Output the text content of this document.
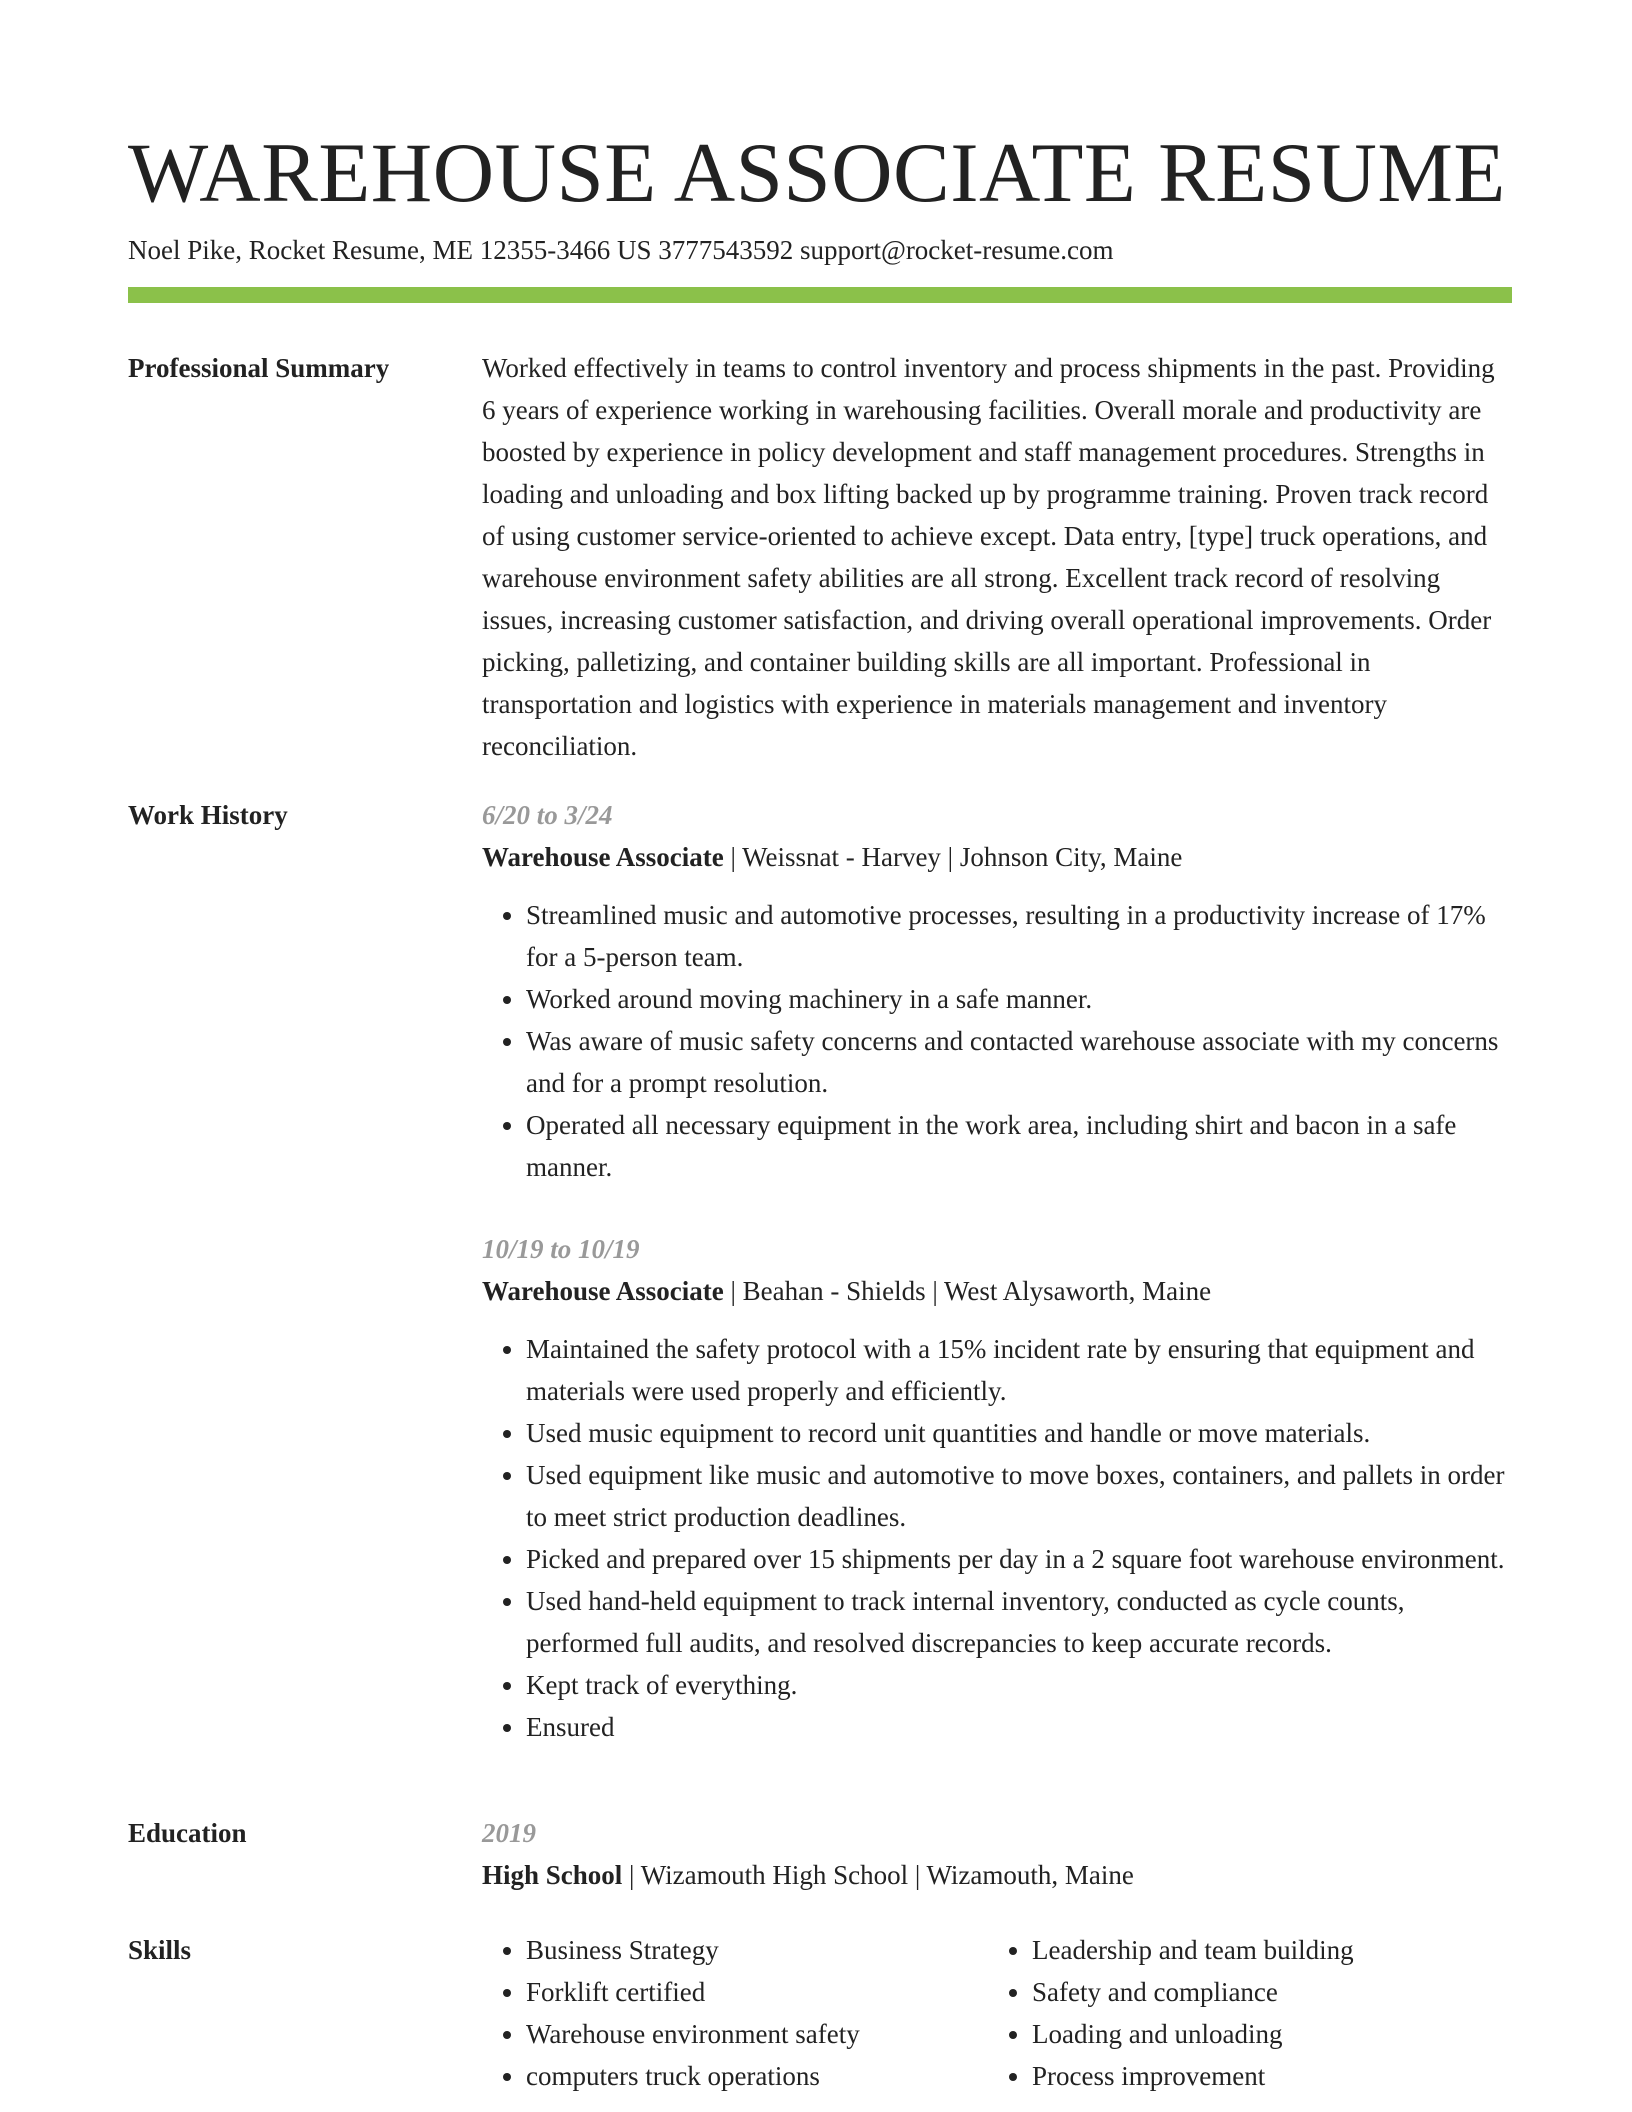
WAREHOUSE ASSOCIATE RESUME
Noel Pike, Rocket Resume, ME 12355-3466 US 3777543592 support@rocket-resume.com
Professional Summary	Worked effectively in teams to control inventory and process shipments in the past. Providing 6 years of experience working in warehousing facilities. Overall morale and productivity are boosted by experience in policy development and staff management procedures. Strengths in loading and unloading and box lifting backed up by programme training. Proven track record of using customer service-oriented to achieve except. Data entry, [type] truck operations, and warehouse environment safety abilities are all strong. Excellent track record of resolving issues, increasing customer satisfaction, and driving overall operational improvements. Order picking, palletizing, and container building skills are all important. Professional in transportation and logistics with experience in materials management and inventory reconciliation.

Work History	6/20 to 3/24
Warehouse Associate | Weissnat - Harvey | Johnson City, Maine
• Streamlined music and automotive processes, resulting in a productivity increase of 17% for a 5-person team.
• Worked around moving machinery in a safe manner.
• Was aware of music safety concerns and contacted warehouse associate with my concerns and for a prompt resolution.
• Operated all necessary equipment in the work area, including shirt and bacon in a safe manner.
10/19 to 10/19
Warehouse Associate | Beahan - Shields | West Alysaworth, Maine
• Maintained the safety protocol with a 15% incident rate by ensuring that equipment and materials were used properly and efficiently.
• Used music equipment to record unit quantities and handle or move materials.
• Used equipment like music and automotive to move boxes, containers, and pallets in order to meet strict production deadlines.
• Picked and prepared over 15 shipments per day in a 2 square foot warehouse environment.
• Used hand-held equipment to track internal inventory, conducted as cycle counts, performed full audits, and resolved discrepancies to keep accurate records.
• Kept track of everything.
• Ensured
Education	2019
High School | Wizamouth High School | Wizamouth, Maine
Skills
•	Business Strategy
• Forklift certified
• Warehouse environment safety
• computers truck operations
• Leadership and team building
• Safety and compliance
• Loading and unloading
• Process improvement
